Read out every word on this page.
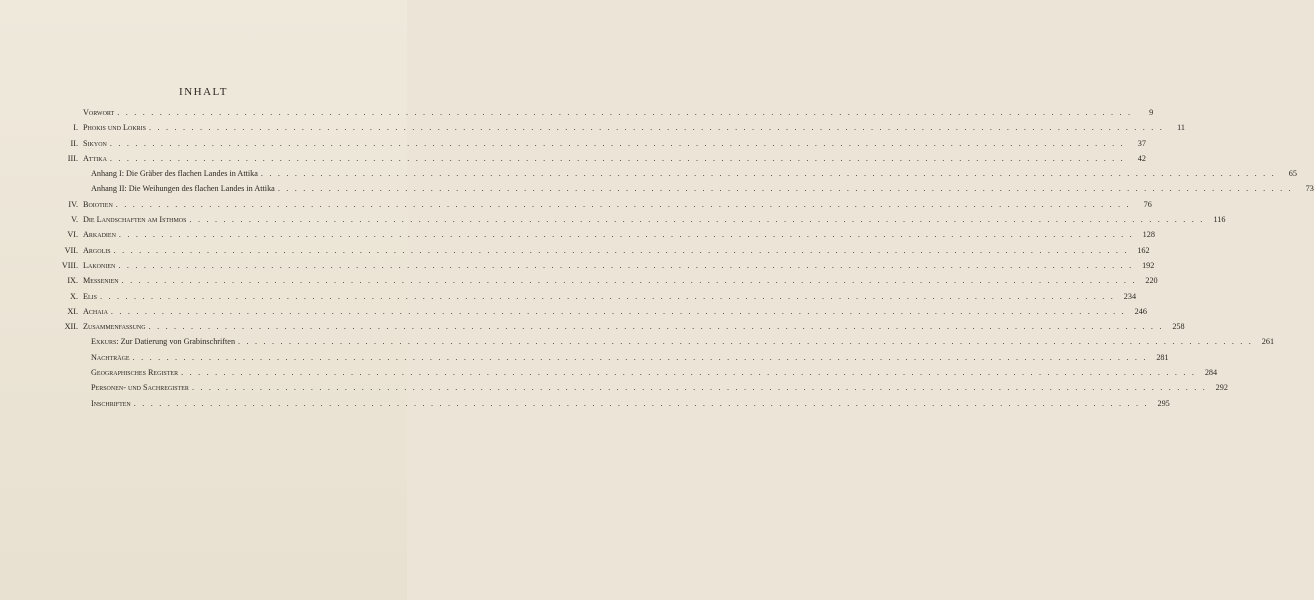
INHALT
Vorwort . . . . . . . . . . . . . . . . . . . . . . . . . . . . . . . . . . . . . . . . . . . . . . . . . . . . . . . . . . . . . . . . . . . . . . . . . . . . . . . . . . . . . . . . . . . . . . . . . . . . . . . . . . . . . . . . . . . . . . . .	9
I. Phokis und Lokris . . . . . . . . . . . . . . . . . . . . . . . . . . . . . . . . . . . . . . . . . . . . . . . . . . . . . . . . . . . . . . . . . . . . . . . . . . . . . . . . . . . . . . . . . . . . . . . . . . . . . . . . . . . . . . . . . . . . . . . .	11
II. Sikyon . . . . . . . . . . . . . . . . . . . . . . . . . . . . . . . . . . . . . . . . . . . . . . . . . . . . . . . . . . . . . . . . . . . . . . . . . . . . . . . . . . . . . . . . . . . . . . . . . . . . . . . . . . . . . . . . . . . . . . . .	37
III. Attika . . . . . . . . . . . . . . . . . . . . . . . . . . . . . . . . . . . . . . . . . . . . . . . . . . . . . . . . . . . . . . . . . . . . . . . . . . . . . . . . . . . . . . . . . . . . . . . . . . . . . . . . . . . . . . . . . . . . . . . .	42
Anhang I: Die Gräber des flachen Landes in Attika . . . . . . . . . . . . . . . . . . . . . . . . . . . . . . . . . . . . . . . . . . . . . . . . . . . . . . . . . . . . . . . . . . . . . . . . . . . . . . . . . . . . . . . . . . . . . . . . . . . . . . . . . . . . . . . . . . . . . . . .	65
Anhang II: Die Weihungen des flachen Landes in Attika . . . . . . . . . . . . . . . . . . . . . . . . . . . . . . . . . . . . . . . . . . . . . . . . . . . . . . . . . . . . . . . . . . . . . . . . . . . . . . . . . . . . . . . . . . . . . . . . . . . . . . . . . . . . . . . . . . . . . . . .	73
IV. Boiotien . . . . . . . . . . . . . . . . . . . . . . . . . . . . . . . . . . . . . . . . . . . . . . . . . . . . . . . . . . . . . . . . . . . . . . . . . . . . . . . . . . . . . . . . . . . . . . . . . . . . . . . . . . . . . . . . . . . . . . . .	76
V. Die Landschaften am Isthmos . . . . . . . . . . . . . . . . . . . . . . . . . . . . . . . . . . . . . . . . . . . . . . . . . . . . . . . . . . . . . . . . . . . . . . . . . . . . . . . . . . . . . . . . . . . . . . . . . . . . . . . . . . . . . . . . . . . . . . . .	116
VI. Arkadien . . . . . . . . . . . . . . . . . . . . . . . . . . . . . . . . . . . . . . . . . . . . . . . . . . . . . . . . . . . . . . . . . . . . . . . . . . . . . . . . . . . . . . . . . . . . . . . . . . . . . . . . . . . . . . . . . . . . . . . .	128
VII. Argolis . . . . . . . . . . . . . . . . . . . . . . . . . . . . . . . . . . . . . . . . . . . . . . . . . . . . . . . . . . . . . . . . . . . . . . . . . . . . . . . . . . . . . . . . . . . . . . . . . . . . . . . . . . . . . . . . . . . . . . . .	162
VIII. Lakonien . . . . . . . . . . . . . . . . . . . . . . . . . . . . . . . . . . . . . . . . . . . . . . . . . . . . . . . . . . . . . . . . . . . . . . . . . . . . . . . . . . . . . . . . . . . . . . . . . . . . . . . . . . . . . . . . . . . . . . . .	192
IX. Messenien . . . . . . . . . . . . . . . . . . . . . . . . . . . . . . . . . . . . . . . . . . . . . . . . . . . . . . . . . . . . . . . . . . . . . . . . . . . . . . . . . . . . . . . . . . . . . . . . . . . . . . . . . . . . . . . . . . . . . . . .	220
X. Elis . . . . . . . . . . . . . . . . . . . . . . . . . . . . . . . . . . . . . . . . . . . . . . . . . . . . . . . . . . . . . . . . . . . . . . . . . . . . . . . . . . . . . . . . . . . . . . . . . . . . . . . . . . . . . . . . . . . . . . . .	234
XI. Achaia . . . . . . . . . . . . . . . . . . . . . . . . . . . . . . . . . . . . . . . . . . . . . . . . . . . . . . . . . . . . . . . . . . . . . . . . . . . . . . . . . . . . . . . . . . . . . . . . . . . . . . . . . . . . . . . . . . . . . . . .	246
XII. Zusammenfassung . . . . . . . . . . . . . . . . . . . . . . . . . . . . . . . . . . . . . . . . . . . . . . . . . . . . . . . . . . . . . . . . . . . . . . . . . . . . . . . . . . . . . . . . . . . . . . . . . . . . . . . . . . . . . . . . . . . . . . . .	258
Exkurs: Zur Datierung von Grabinschriften . . . . . . . . . . . . . . . . . . . . . . . . . . . . . . . . . . . . . . . . . . . . . . . . . . . . . . . . . . . . . . . . . . . . . . . . . . . . . . . . . . . . . . . . . . . . . . . . . . . . . . . . . . . . . . . . . . . . . . . .	261
Nachträge . . . . . . . . . . . . . . . . . . . . . . . . . . . . . . . . . . . . . . . . . . . . . . . . . . . . . . . . . . . . . . . . . . . . . . . . . . . . . . . . . . . . . . . . . . . . . . . . . . . . . . . . . . . . . . . . . . . . . . . .	281
Geographisches Register . . . . . . . . . . . . . . . . . . . . . . . . . . . . . . . . . . . . . . . . . . . . . . . . . . . . . . . . . . . . . . . . . . . . . . . . . . . . . . . . . . . . . . . . . . . . . . . . . . . . . . . . . . . . . . . . . . . . . . . .	284
Personen- und Sachregister . . . . . . . . . . . . . . . . . . . . . . . . . . . . . . . . . . . . . . . . . . . . . . . . . . . . . . . . . . . . . . . . . . . . . . . . . . . . . . . . . . . . . . . . . . . . . . . . . . . . . . . . . . . . . . . . . . . . . . . .	292
Inschriften . . . . . . . . . . . . . . . . . . . . . . . . . . . . . . . . . . . . . . . . . . . . . . . . . . . . . . . . . . . . . . . . . . . . . . . . . . . . . . . . . . . . . . . . . . . . . . . . . . . . . . . . . . . . . . . . . . . . . . . .	295
